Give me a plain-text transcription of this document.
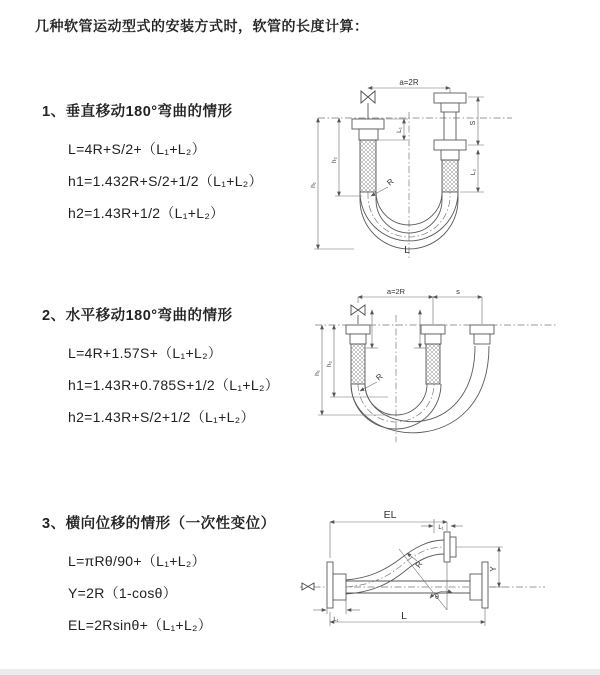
几种软管运动型式的安装方式时，软管的长度计算：

1、垂直移动180°弯曲的情形

L=4R+S/2+（L₁+L₂）
h1=1.432R+S/2+1/2（L₁+L₂）
h2=1.43R+1/2（L₁+L₂）

2、水平移动180°弯曲的情形

L=4R+1.57S+（L₁+L₂）
h1=1.43R+0.785S+1/2（L₁+L₂）
h2=1.43R+S/2+1/2（L₁+L₂）

3、横向位移的情形（一次性变位）

L=πRθ/90+（L₁+L₂）
Y=2R（1-cosθ）
EL=2Rsinθ+（L₁+L₂）
a=2R
L₁
S
L₂
h₁
h₂
R
L
a=2R	s
h₁
h₂
R
EL
L₁
Y
R
θ
L₁	L
